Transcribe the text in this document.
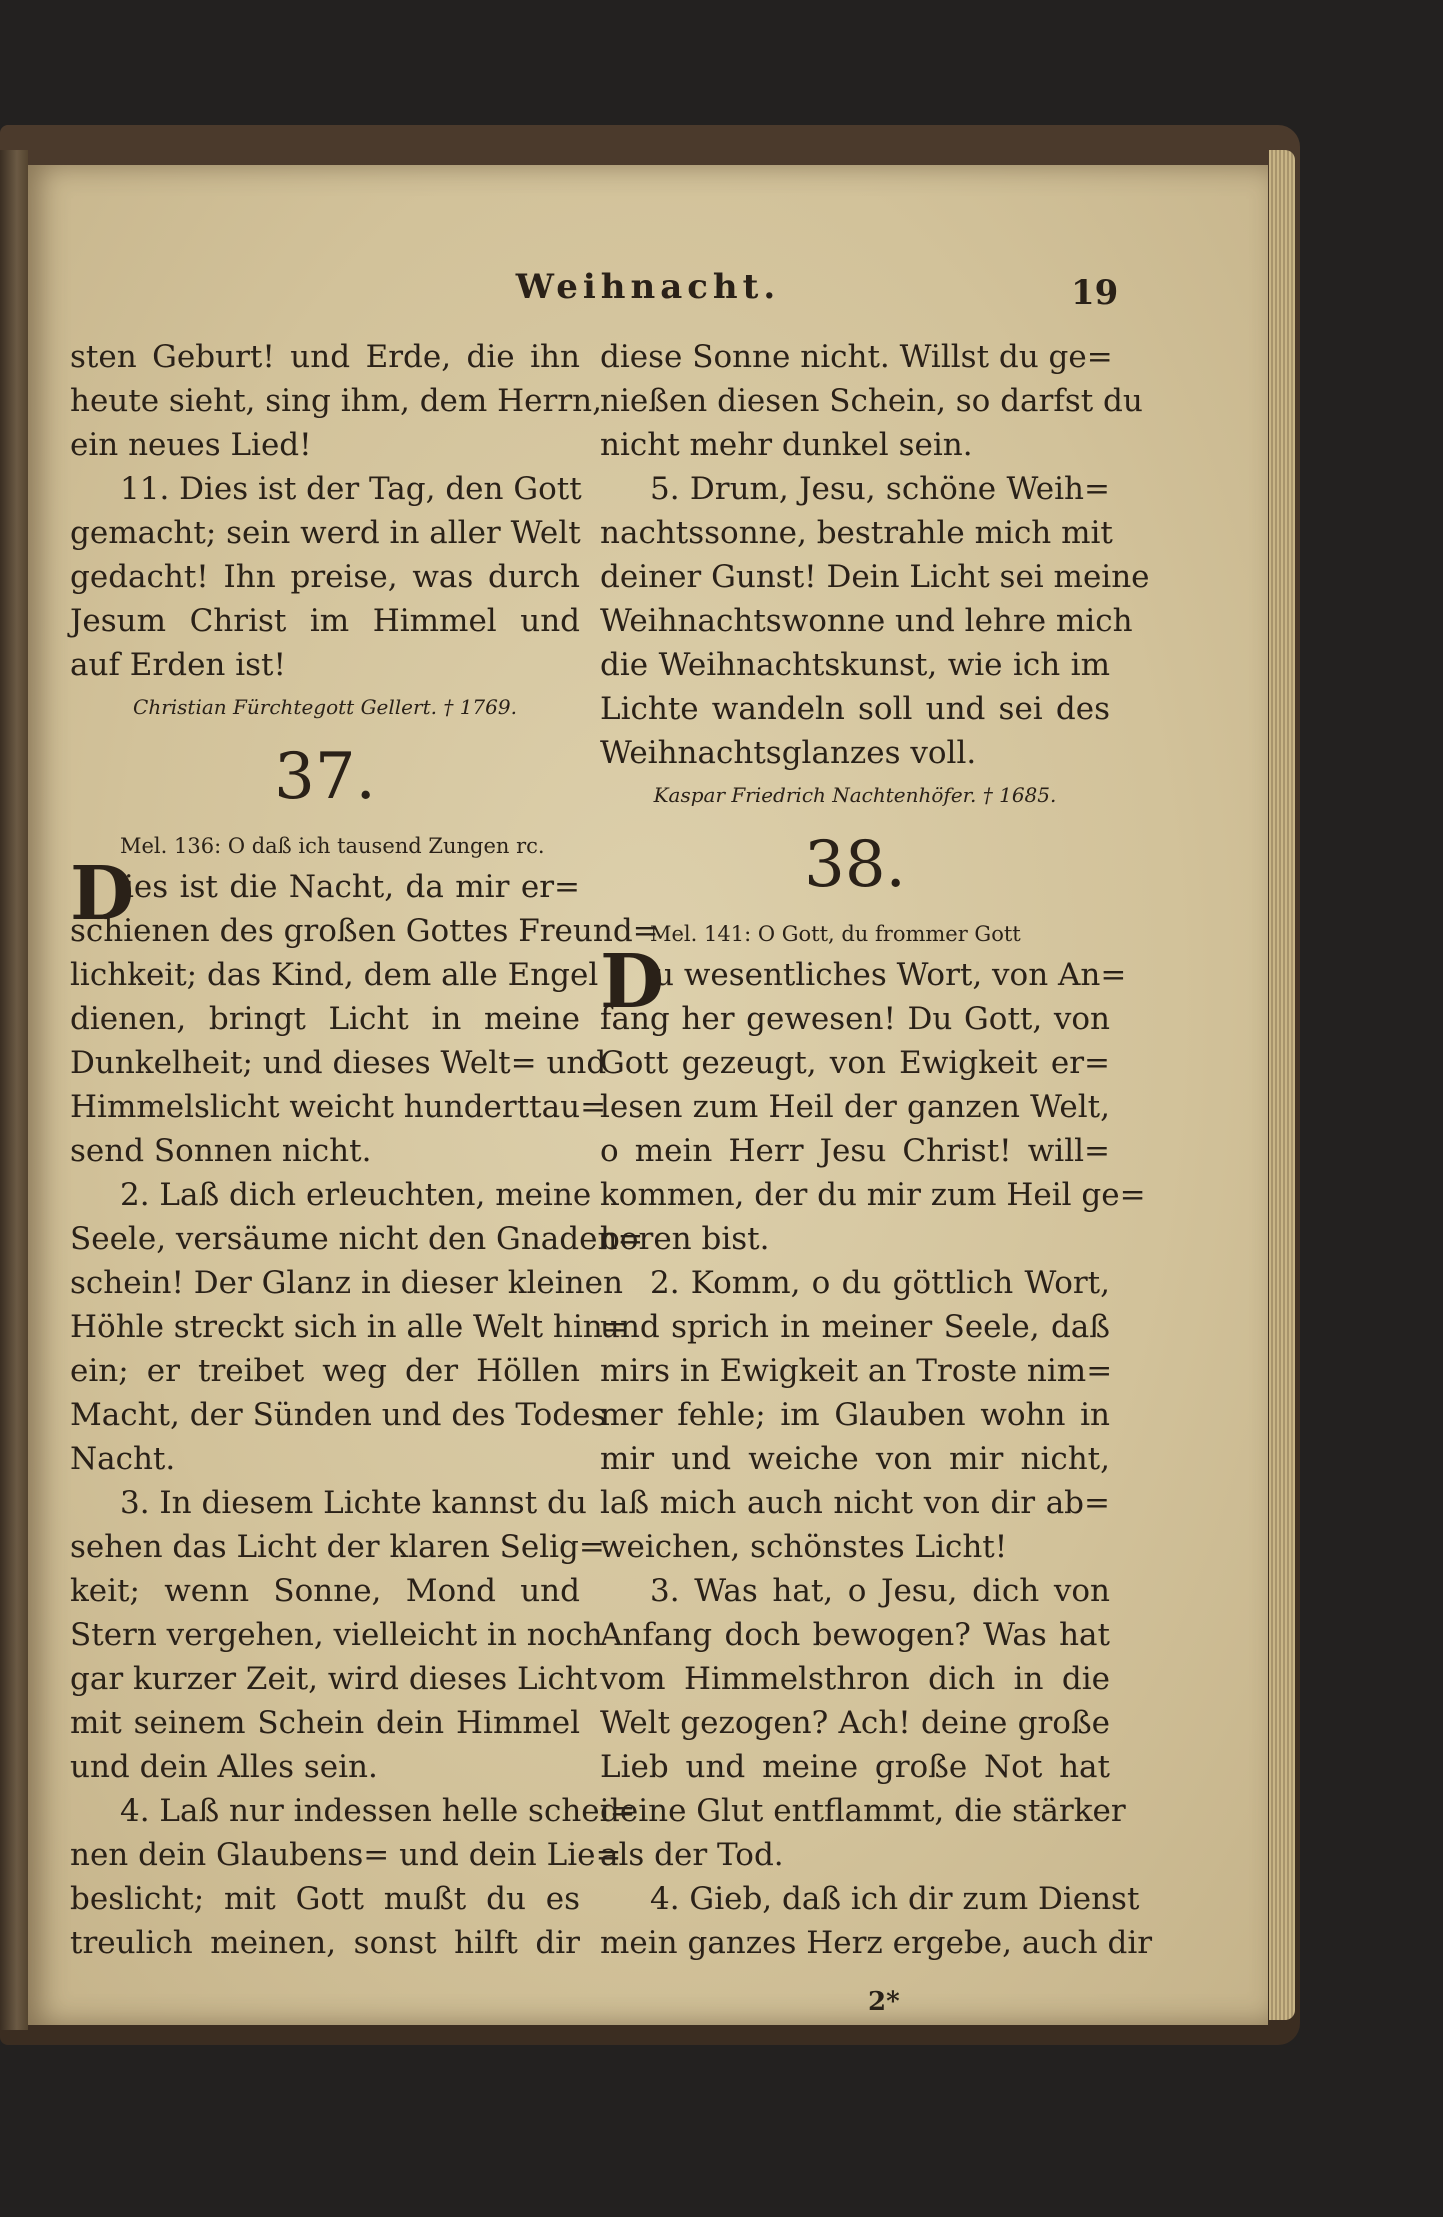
Weihnacht.	19
sten Geburt! und Erde, die ihn
heute sieht, sing ihm, dem Herrn,
ein neues Lied!
11. Dies ist der Tag, den Gott
gemacht; sein werd in aller Welt
gedacht! Ihn preise, was durch
Jesum Christ im Himmel und
auf Erden ist!
Christian Fürchtegott Gellert. † 1769.
37.
Mel. 136: O daß ich tausend Zungen rc.
D
ies ist die Nacht, da mir er=
schienen des großen Gottes Freund=
lichkeit; das Kind, dem alle Engel
dienen, bringt Licht in meine
Dunkelheit; und dieses Welt= und
Himmelslicht weicht hunderttau=
send Sonnen nicht.
2. Laß dich erleuchten, meine
Seele, versäume nicht den Gnaden=
schein! Der Glanz in dieser kleinen
Höhle streckt sich in alle Welt hin=
ein; er treibet weg der Höllen
Macht, der Sünden und des Todes
Nacht.
3. In diesem Lichte kannst du
sehen das Licht der klaren Selig=
keit; wenn Sonne, Mond und
Stern vergehen, vielleicht in noch
gar kurzer Zeit, wird dieses Licht
mit seinem Schein dein Himmel
und dein Alles sein.
4. Laß nur indessen helle schei=
nen dein Glaubens= und dein Lie=
beslicht; mit Gott mußt du es
treulich meinen, sonst hilft dir
diese Sonne nicht. Willst du ge=
nießen diesen Schein, so darfst du
nicht mehr dunkel sein.
5. Drum, Jesu, schöne Weih=
nachtssonne, bestrahle mich mit
deiner Gunst! Dein Licht sei meine
Weihnachtswonne und lehre mich
die Weihnachtskunst, wie ich im
Lichte wandeln soll und sei des
Weihnachtsglanzes voll.
Kaspar Friedrich Nachtenhöfer. † 1685.
38.
Mel. 141: O Gott, du frommer Gott
D
u wesentliches Wort, von An=
fang her gewesen! Du Gott, von
Gott gezeugt, von Ewigkeit er=
lesen zum Heil der ganzen Welt,
o mein Herr Jesu Christ! will=
kommen, der du mir zum Heil ge=
boren bist.
2. Komm, o du göttlich Wort,
und sprich in meiner Seele, daß
mirs in Ewigkeit an Troste nim=
mer fehle; im Glauben wohn in
mir und weiche von mir nicht,
laß mich auch nicht von dir ab=
weichen, schönstes Licht!
3. Was hat, o Jesu, dich von
Anfang doch bewogen? Was hat
vom Himmelsthron dich in die
Welt gezogen? Ach! deine große
Lieb und meine große Not hat
deine Glut entflammt, die stärker
als der Tod.
4. Gieb, daß ich dir zum Dienst
mein ganzes Herz ergebe, auch dir
2*
